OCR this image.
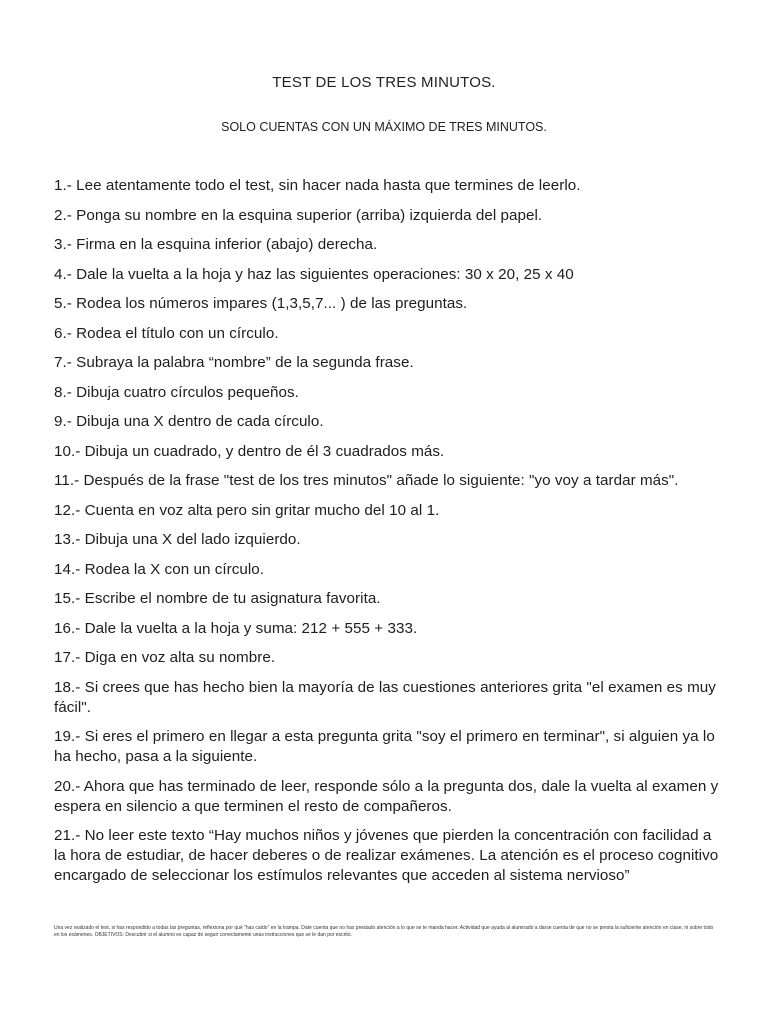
TEST DE LOS TRES MINUTOS.
SOLO CUENTAS CON UN MÁXIMO DE TRES MINUTOS.
1.- Lee atentamente todo el test, sin hacer nada hasta que termines de leerlo.
2.- Ponga su nombre en la esquina superior (arriba) izquierda del papel.
3.- Firma en la esquina inferior (abajo) derecha.
4.- Dale la vuelta a la hoja y haz las siguientes operaciones: 30 x 20, 25 x 40
5.- Rodea los números impares (1,3,5,7... ) de las preguntas.
6.- Rodea el título con un círculo.
7.- Subraya la palabra “nombre” de la segunda frase.
8.- Dibuja cuatro círculos pequeños.
9.- Dibuja una X dentro de cada círculo.
10.- Dibuja un cuadrado, y dentro de él 3 cuadrados más.
11.- Después de la frase "test de los tres minutos" añade lo siguiente: "yo voy a tardar más".
12.- Cuenta en voz alta pero sin gritar mucho del 10 al 1.
13.- Dibuja una X del lado izquierdo.
14.- Rodea la X con un círculo.
15.- Escribe el nombre de tu asignatura favorita.
16.- Dale la vuelta a la hoja y suma: 212 + 555 + 333.
17.- Diga en voz alta su nombre.
18.- Si crees que has hecho bien la mayoría de las cuestiones anteriores grita "el examen es muy fácil".
19.- Si eres el primero en llegar a esta pregunta grita "soy el primero en terminar", si alguien ya lo ha hecho, pasa a la siguiente.
20.- Ahora que has terminado de leer, responde sólo a la pregunta dos, dale la vuelta al examen y espera en silencio a que terminen el resto de compañeros.
21.- No leer este texto “Hay muchos niños y jóvenes que pierden la concentración con facilidad a la hora de estudiar, de hacer deberes o de realizar exámenes. La atención es el proceso cognitivo encargado de seleccionar los estímulos relevantes que acceden al sistema nervioso”
Una vez realizado el test, si has respondido a todas las preguntas, reflexiona por qué "has caído" en la trampa. Date cuenta que no has prestado atención a lo que se te manda hacer. Actividad que ayuda al alumnado a darse cuenta de que no se presta la suficiente atención en clase, ni sobre todo en los exámenes. OBJETIVOS: Descubrir si el alumno es capaz de seguir correctamente unas instrucciones que se le dan por escrito.
